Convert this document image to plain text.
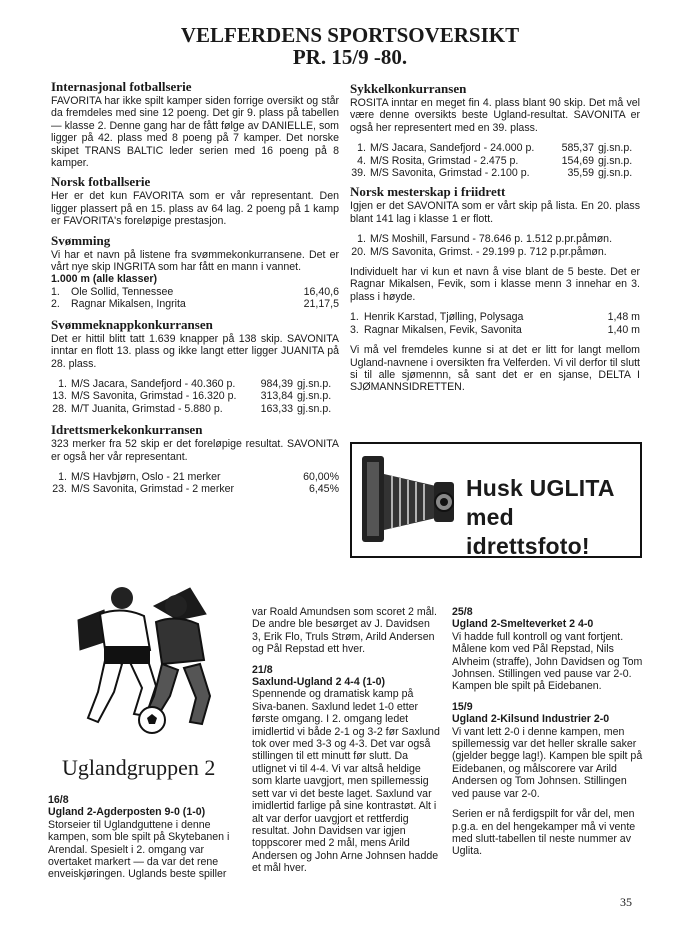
VELFERDENS SPORTSOVERSIKT
PR. 15/9 -80.
Internasjonal fotballserie

FAVORITA har ikke spilt kamper siden forrige oversikt og står da fremdeles med sine 12 poeng. Det gir 9. plass på tabellen — klasse 2. Denne gang har de fått følge av DANIELLE, som ligger på 42. plass med 8 poeng på 7 kamper. Det norske skipet TRANS BALTIC leder serien med 16 poeng på 8 kamper.

Norsk fotballserie

Her er det kun FAVORITA som er vår representant. Den ligger plassert på en 15. plass av 64 lag. 2 poeng på 1 kamp er FAVORITA's foreløpige prestasjon.

Svømming

Vi har et navn på listene fra svømmekonkurransene. Det er vårt nye skip INGRITA som har fått en mann i vannet.

1.000 m (alle klasser)
1.	Ole Sollid, Tennessee	16,40,6
2.	Ragnar Mikalsen, Ingrita	21,17,5
Svømmeknappkonkurransen

Det er hittil blitt tatt 1.639 knapper på 138 skip. SAVONITA inntar en flott 13. plass og ikke langt etter ligger JUANITA på 28. plass.

1.	M/S Jacara, Sandefjord - 40.360 p.	984,39	gj.sn.p.
13.	M/S Savonita, Grimstad - 16.320 p.	313,84	gj.sn.p.
28.	M/T Juanita, Grimstad - 5.880 p.	163,33	gj.sn.p.
Idrettsmerkekonkurransen

323 merker fra 52 skip er det foreløpige resultat. SAVONITA er også her vår representant.

1.	M/S Havbjørn, Oslo - 21 merker	60,00%
23.	M/S Savonita, Grimstad - 2 merker	6,45%
Sykkelkonkurransen

ROSITA inntar en meget fin 4. plass blant 90 skip. Det må vel være denne oversikts beste Ugland-resultat. SAVONITA er også her representert med en 39. plass.

1.	M/S Jacara, Sandefjord - 24.000 p.	585,37	gj.sn.p.
4.	M/S Rosita, Grimstad - 2.475 p.	154,69	gj.sn.p.
39.	M/S Savonita, Grimstad - 2.100 p.	35,59	gj.sn.p.
Norsk mesterskap i friidrett

Igjen er det SAVONITA som er vårt skip på lista. En 20. plass blant 141 lag i klasse 1 er flott.

1.	M/S Moshill, Farsund - 78.646 p. 1.512 p.pr.påmøn.
20.	M/S Savonita, Grimst. - 29.199 p. 712 p.pr.påmøn.

Individuelt har vi kun et navn å vise blant de 5 beste. Det er Ragnar Mikalsen, Fevik, som i klasse menn 3 innehar en 3. plass i høyde.

1.	Henrik Karstad, Tjølling, Polysaga	1,48 m
3.	Ragnar Mikalsen, Fevik, Savonita	1,40 m

Vi må vel fremdeles kunne si at det er litt for langt mellom Ugland-navnene i oversikten fra Velferden. Vi vil derfor til slutt si til alle sjømennn, så sant det er en sjanse, DELTA I SJØMANNSIDRETTEN.

Husk UGLITA
med idrettsfoto!
Uglandgruppen 2
16/8
Ugland 2-Agderposten 9-0 (1-0)

Storseier til Uglandguttene i denne kampen, som ble spilt på Skytebanen i Arendal. Spesielt i 2. omgang var overtaket markert — da var det rene enveiskjøringen. Uglands beste spiller

var Roald Amundsen som scoret 2 mål. De andre ble besørget av J. Davidsen 3, Erik Flo, Truls Strøm, Arild Andersen og Pål Repstad ett hver.

21/8
Saxlund-Ugland 2 4-4 (1-0)

Spennende og dramatisk kamp på Siva-banen. Saxlund ledet 1-0 etter første omgang. I 2. omgang ledet imidlertid vi både 2-1 og 3-2 før Saxlund tok over med 3-3 og 4-3. Det var også stillingen til ett minutt før slutt. Da utlignet vi til 4-4. Vi var altså heldige som klarte uavgjort, men spillemessig sett var vi det beste laget. Saxlund var imidlertid farlige på sine kontrastøt. Alt i alt var derfor uavgjort et rettferdig resultat. John Davidsen var igjen toppscorer med 2 mål, mens Arild Andersen og John Arne Johnsen hadde et mål hver.

25/8
Ugland 2-Smelteverket 2 4-0

Vi hadde full kontroll og vant fortjent. Målene kom ved Pål Repstad, Nils Alvheim (straffe), John Davidsen og Tom Johnsen. Stillingen ved pause var 2-0. Kampen ble spilt på Eidebanen.

15/9
Ugland 2-Kilsund Industrier 2-0

Vi vant lett 2-0 i denne kampen, men spillemessig var det heller skralle saker (gjelder begge lag!). Kampen ble spilt på Eidebanen, og målscorere var Arild Andersen og Tom Johnsen. Stillingen ved pause var 2-0.

Serien er nå ferdigspilt for vår del, men p.g.a. en del hengekamper må vi vente med slutt-tabellen til neste nummer av Uglita.

35
